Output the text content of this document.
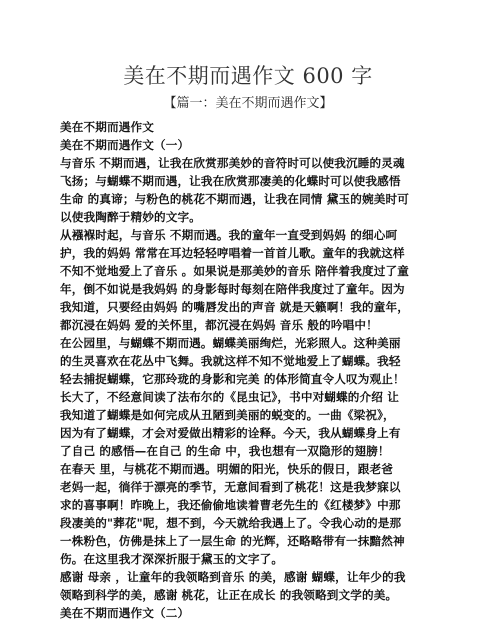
美在不期而遇作文 600 字
【篇一：美在不期而遇作文】
美在不期而遇作文
美在不期而遇作文（一）
与音乐 不期而遇，让我在欣赏那美妙的音符时可以使我沉睡的灵魂
飞扬；与蝴蝶不期而遇，让我在欣赏那凄美的化蝶时可以使我感悟
生命 的真谛；与粉色的桃花不期而遇，让我在同情 黛玉的婉美时可
以使我陶醉于精妙的文字。
从襁褓时起，与音乐 不期而遇。我的童年一直受到妈妈 的细心呵
护，我的妈妈 常常在耳边轻轻哼唱着一首首儿歌。童年的我就这样
不知不觉地爱上了音乐 。如果说是那美妙的音乐 陪伴着我度过了童
年，倒不如说是我妈妈 的身影每时每刻在陪伴我度过了童年。因为
我知道，只要经由妈妈 的嘴唇发出的声音 就是天籁啊！我的童年，
都沉浸在妈妈 爱的关怀里，都沉浸在妈妈 音乐 般的吟唱中！
在公园里，与蝴蝶不期而遇。蝴蝶美丽绚烂，光彩照人。这种美丽
的生灵喜欢在花丛中飞舞。我就这样不知不觉地爱上了蝴蝶。我轻
轻去捕捉蝴蝶，它那玲珑的身影和完美 的体形简直令人叹为观止！
长大了，不经意间读了法布尔的《昆虫记》，书中对蝴蝶的介绍 让
我知道了蝴蝶是如何完成从丑陋到美丽的蜕变的。一曲《梁祝》，
因为有了蝴蝶，才会对爱做出精彩的诠释。今天，我从蝴蝶身上有
了自己 的感悟—在自己 的生命 中，我也想有一双隐形的翅膀！
在春天 里，与桃花不期而遇。明媚的阳光，快乐的假日，跟老爸
老妈一起，徜徉于漂亮的季节，无意间看到了桃花！这是我梦寐以
求的喜事啊！昨晚上，我还偷偷地读着曹老先生的《红楼梦》中那
段凄美的"葬花"呢，想不到，今天就给我遇上了。令我心动的是那
一株粉色，仿佛是抹上了一层生命 的光辉，还略略带有一抹黯然神
伤。在这里我才深深折服于黛玉的文字了。
感谢 母亲 ，让童年的我领略到音乐 的美，感谢 蝴蝶，让年少的我
领略到科学的美，感谢 桃花，让正在成长 的我领略到文学的美。
美在不期而遇作文（二）
